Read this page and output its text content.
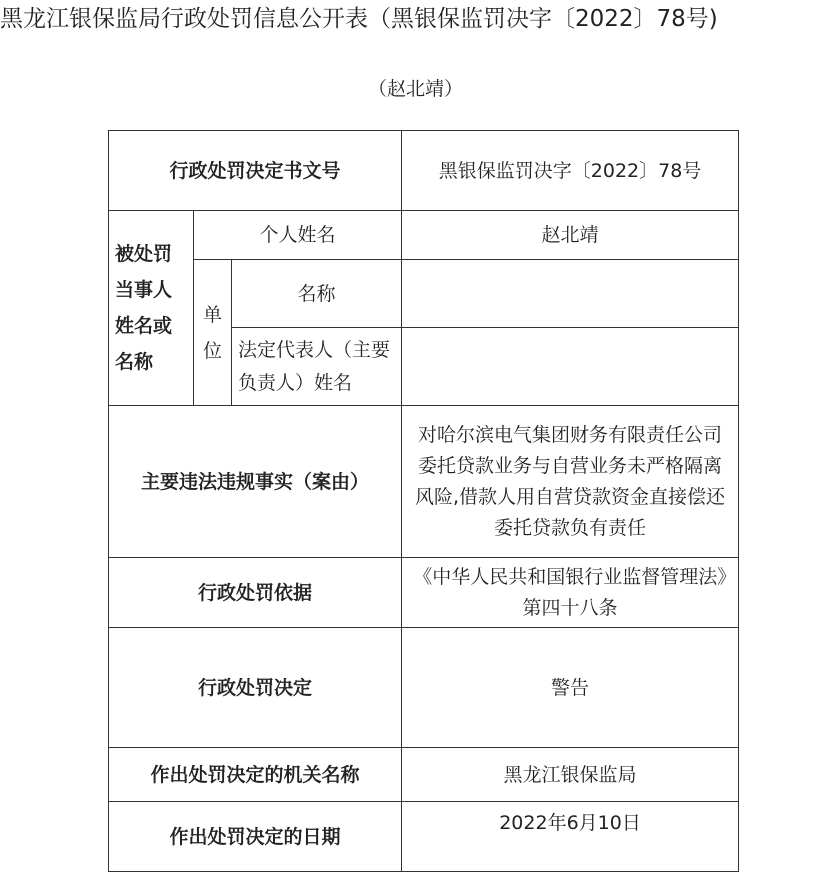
黑龙江银保监局行政处罚信息公开表（黑银保监罚决字〔2022〕78号)
（赵北靖）
行政处罚决定书文号			黑银保监罚决字〔2022〕78号
被处罚当事人姓名或名称	个人姓名		赵北靖
	单位	名称	
		法定代表人（主要负责人）姓名	
主要违法违规事实（案由）			对哈尔滨电气集团财务有限责任公司委托贷款业务与自营业务未严格隔离风险,借款人用自营贷款资金直接偿还委托贷款负有责任
行政处罚依据			《中华人民共和国银行业监督管理法》第四十八条
行政处罚决定			警告
作出处罚决定的机关名称			黑龙江银保监局
作出处罚决定的日期			2022年6月10日
